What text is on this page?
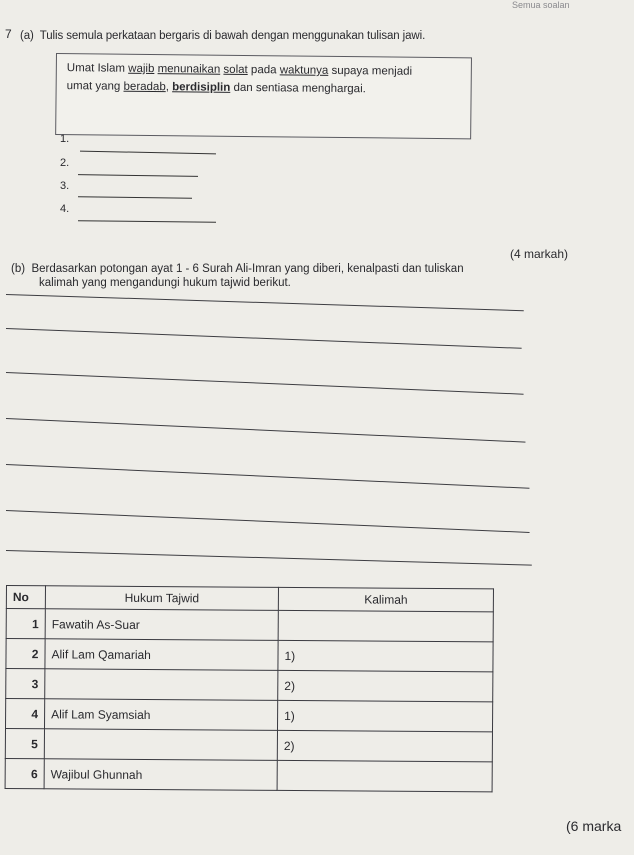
Semua soalan
7 (a) Tulis semula perkataan bergaris di bawah dengan menggunakan tulisan jawi.
Umat Islam wajib menunaikan solat pada waktunya supaya menjadi
umat yang beradab, berdisiplin dan sentiasa menghargai.
1.
2.
3.
4.
(4 markah)
(b) Berdasarkan potongan ayat 1 - 6 Surah Ali-Imran yang diberi, kenalpasti dan tuliskan
kalimah yang mengandungi hukum tajwid berikut.
No	Hukum Tajwid	Kalimah
1	Fawatih As-Suar	
2	Alif Lam Qamariah	1)
3		2)
4	Alif Lam Syamsiah	1)
5		2)
6	Wajibul Ghunnah	
(6 marka
